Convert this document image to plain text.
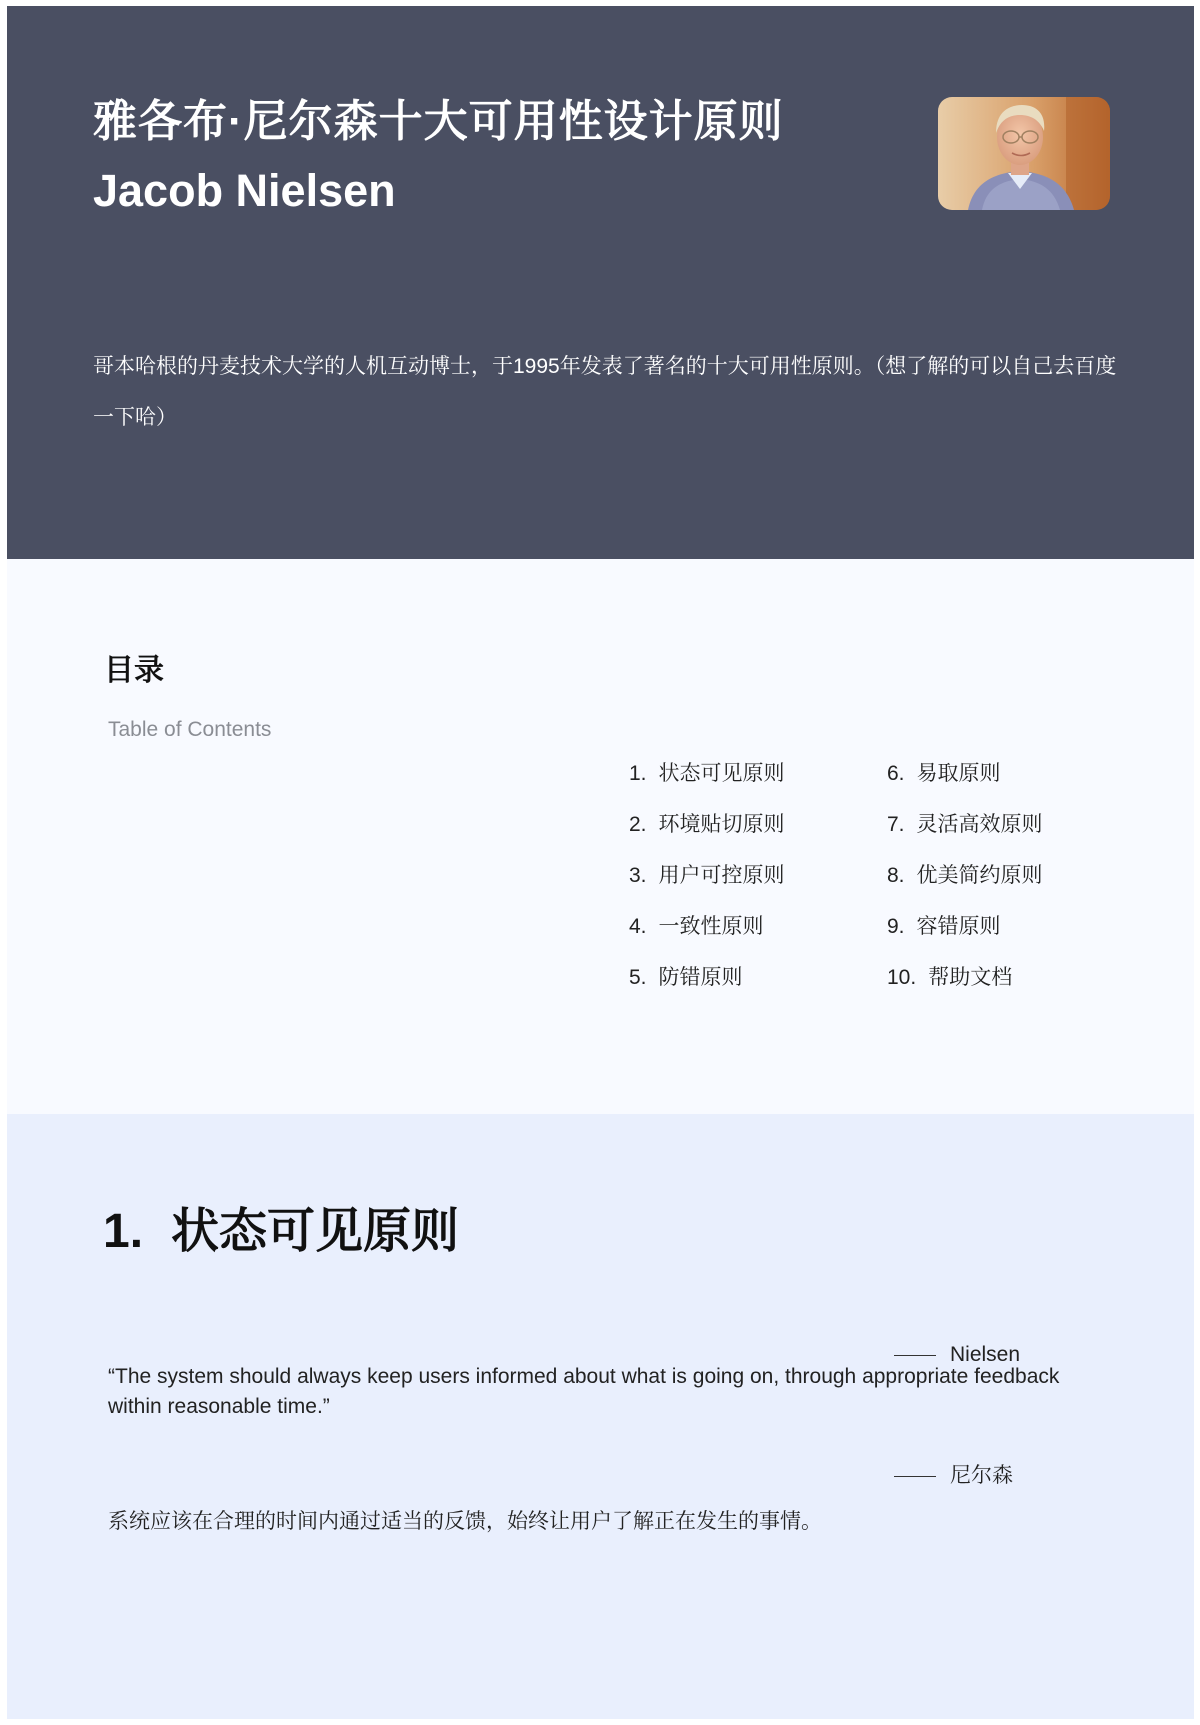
雅各布·尼尔森十大可用性设计原则
Jacob Nielsen

哥本哈根的丹麦技术大学的人机互动博士，于1995年发表了著名的十大可用性原则。（想了解的可以自己去百度一下哈）

目录
Table of Contents
1. 状态可见原则
2. 环境贴切原则
3. 用户可控原则
4. 一致性原则
5. 防错原则
6. 易取原则
7. 灵活高效原则
8. 优美简约原则
9. 容错原则
10. 帮助文档
1. 状态可见原则

“The system should always keep users informed about what is going on, through appropriate feedback within reasonable time.”

系统应该在合理的时间内通过适当的反馈，始终让用户了解正在发生的事情。

Nielsen
尼尔森
